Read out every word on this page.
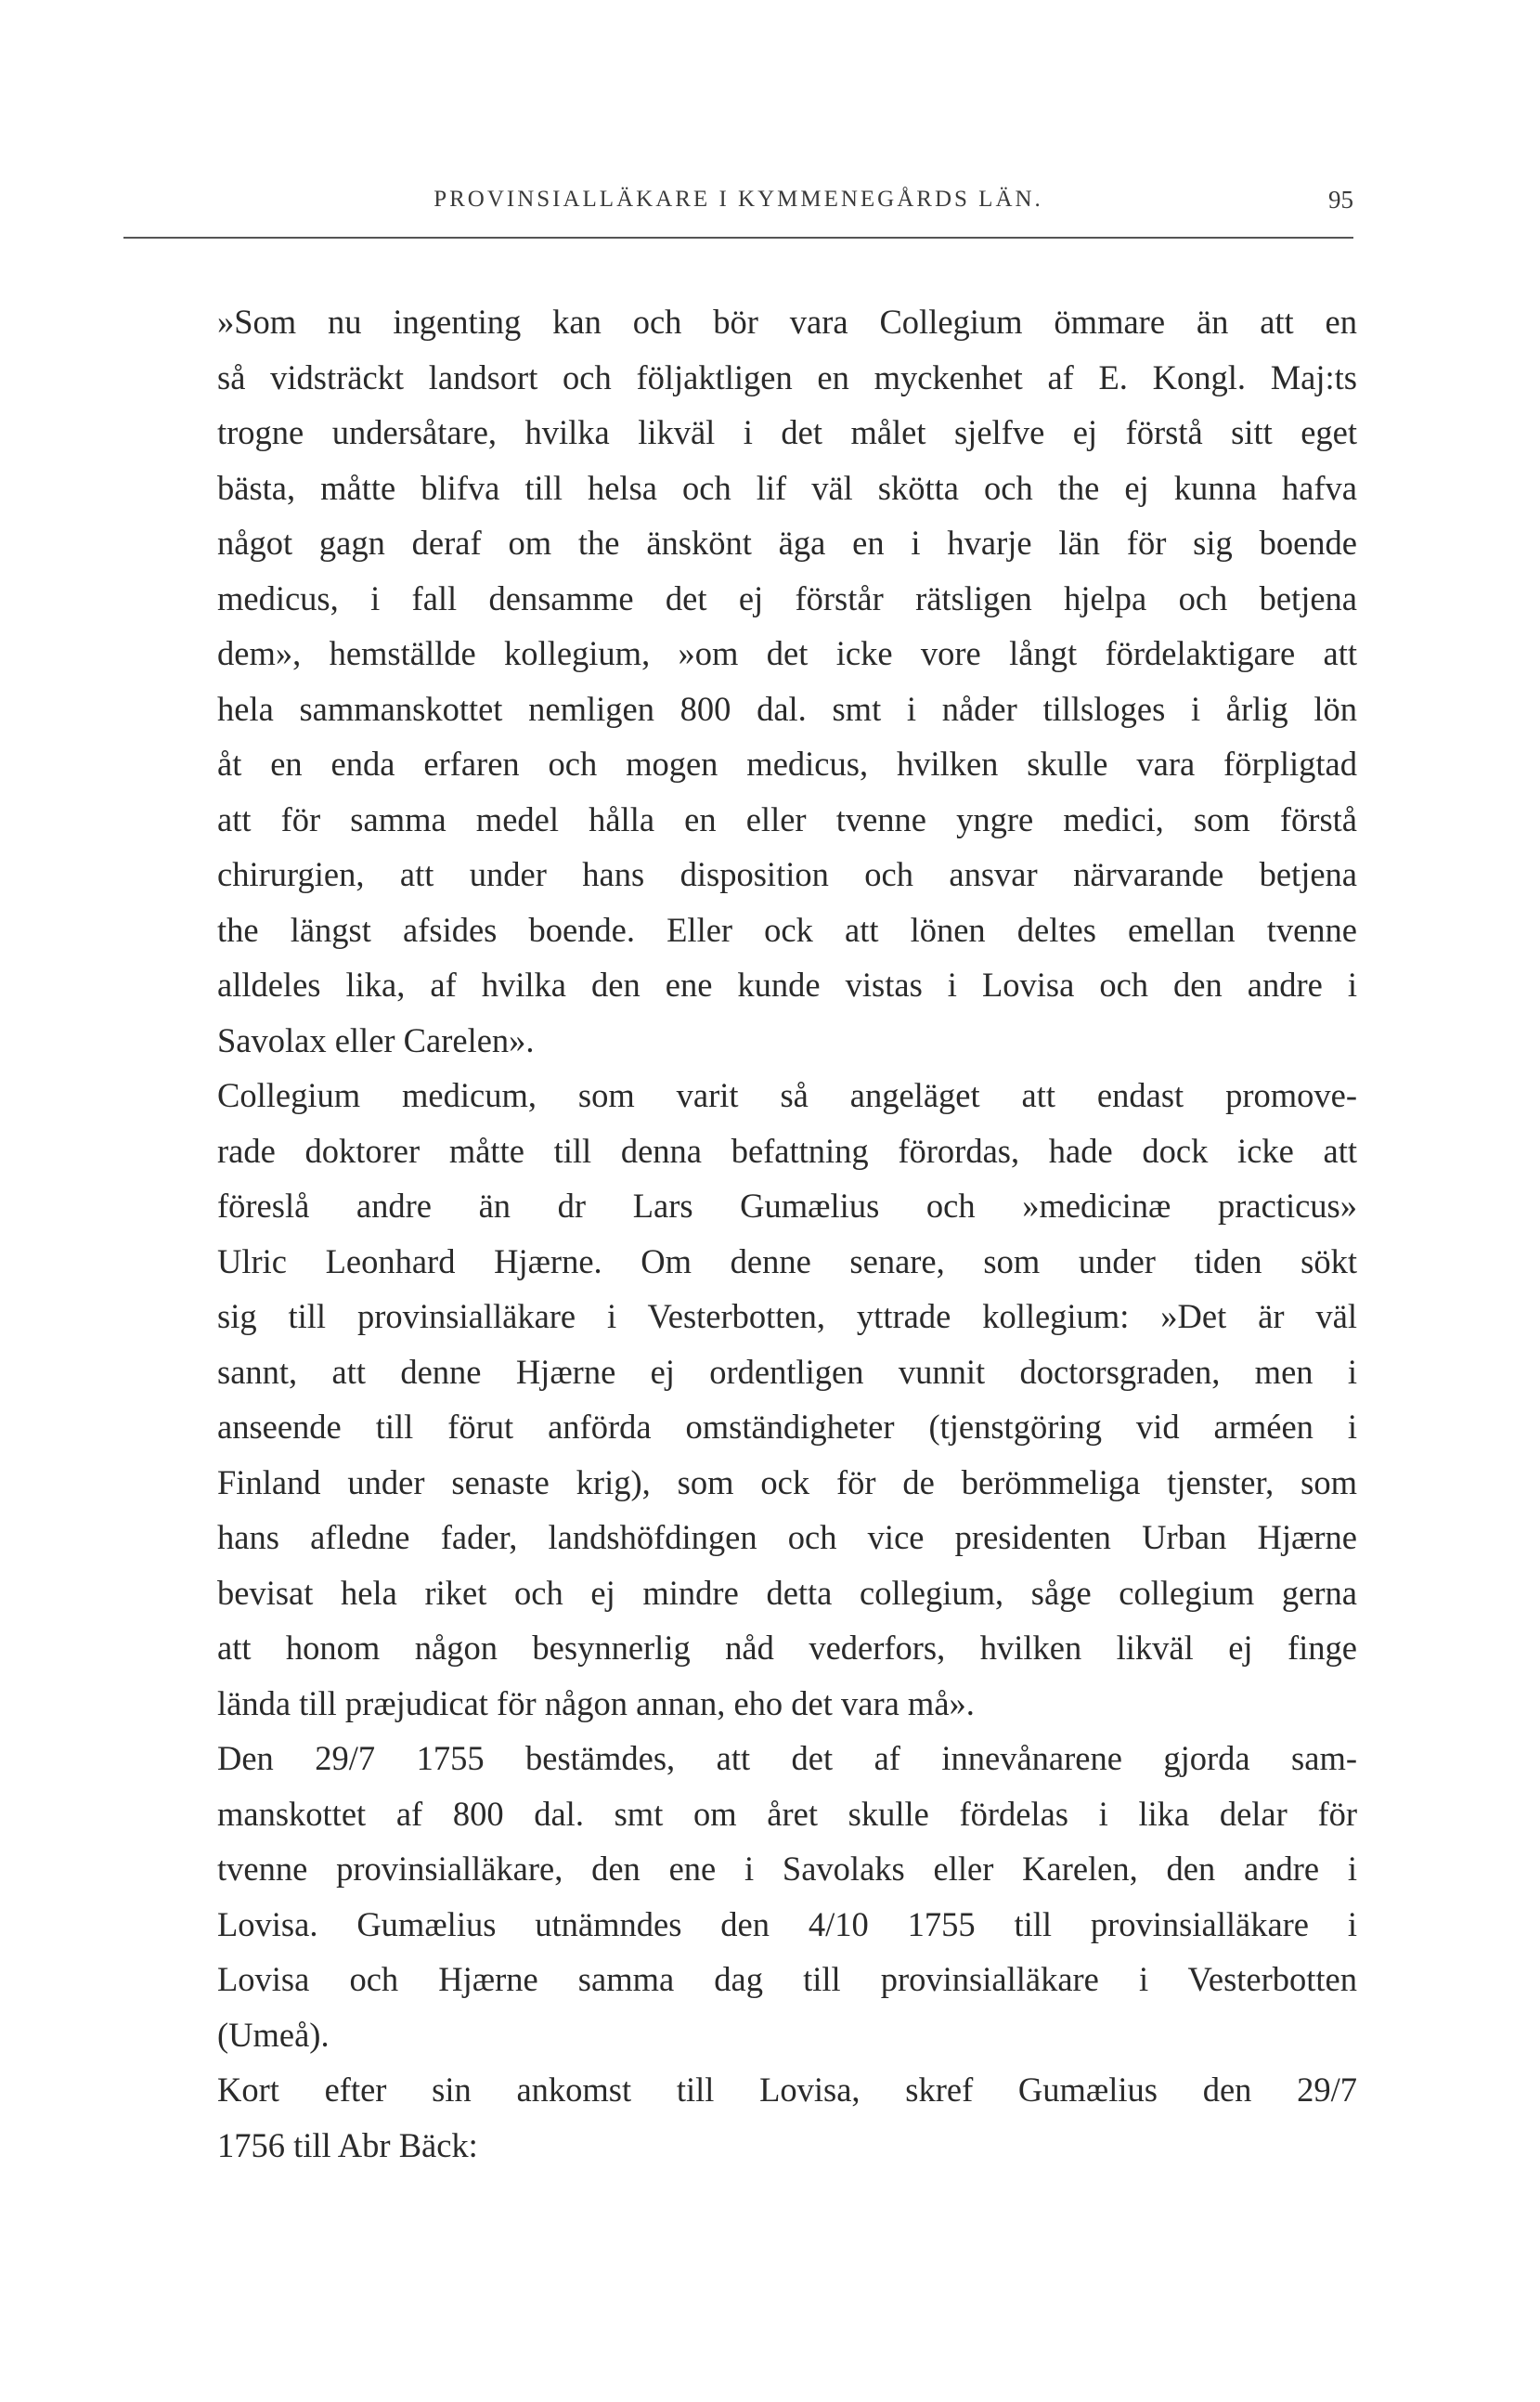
PROVINSIALLÄKARE I KYMMENEGÅRDS LÄN.	95

»Som nu ingenting kan och bör vara Collegium ömmare än att en
så vidsträckt landsort och följaktligen en myckenhet af E. Kongl. Maj:ts
trogne undersåtare, hvilka likväl i det målet sjelfve ej förstå sitt eget
bästa, måtte blifva till helsa och lif väl skötta och the ej kunna hafva
något gagn deraf om the änskönt äga en i hvarje län för sig boende
medicus, i fall densamme det ej förstår rätsligen hjelpa och betjena
dem», hemställde kollegium, »om det icke vore långt fördelaktigare att
hela sammanskottet nemligen 800 dal. smt i nåder tillsloges i årlig lön
åt en enda erfaren och mogen medicus, hvilken skulle vara förpligtad
att för samma medel hålla en eller tvenne yngre medici, som förstå
chirurgien, att under hans disposition och ansvar närvarande betjena
the längst afsides boende. Eller ock att lönen deltes emellan tvenne
alldeles lika, af hvilka den ene kunde vistas i Lovisa och den andre i
Savolax eller Carelen».

Collegium medicum, som varit så angeläget att endast promove-
rade doktorer måtte till denna befattning förordas, hade dock icke att
föreslå andre än dr Lars Gumælius och »medicinæ practicus»
Ulric Leonhard Hjærne. Om denne senare, som under tiden sökt
sig till provinsialläkare i Vesterbotten, yttrade kollegium: »Det är väl
sannt, att denne Hjærne ej ordentligen vunnit doctorsgraden, men i
anseende till förut anförda omständigheter (tjenstgöring vid arméen i
Finland under senaste krig), som ock för de berömmeliga tjenster, som
hans afledne fader, landshöfdingen och vice presidenten Urban Hjærne
bevisat hela riket och ej mindre detta collegium, såge collegium gerna
att honom någon besynnerlig nåd vederfors, hvilken likväl ej finge
lända till præjudicat för någon annan, eho det vara må».

Den 29/7 1755 bestämdes, att det af innevånarene gjorda sam-
manskottet af 800 dal. smt om året skulle fördelas i lika delar för
tvenne provinsialläkare, den ene i Savolaks eller Karelen, den andre i
Lovisa. Gumælius utnämndes den 4/10 1755 till provinsialläkare i
Lovisa och Hjærne samma dag till provinsialläkare i Vesterbotten
(Umeå).

Kort efter sin ankomst till Lovisa, skref Gumælius den 29/7
1756 till Abr Bäck:
